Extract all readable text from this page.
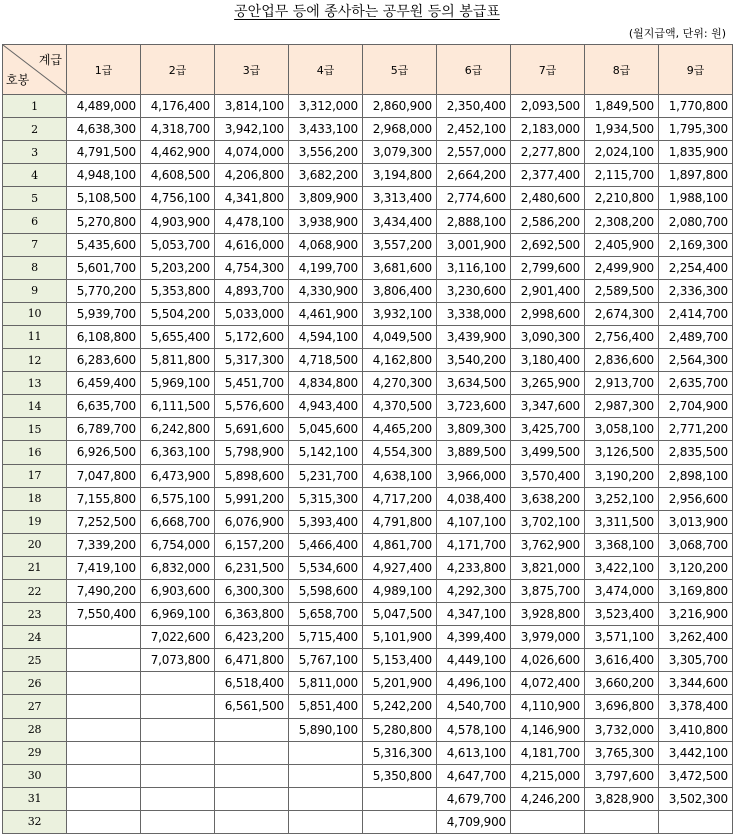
공안업무 등에 종사하는 공무원 등의 봉급표
(월지급액, 단위: 원)
계급
호봉	1급	2급	3급	4급	5급	6급	7급	8급	9급
1	4,489,000	4,176,400	3,814,100	3,312,000	2,860,900	2,350,400	2,093,500	1,849,500	1,770,800
2	4,638,300	4,318,700	3,942,100	3,433,100	2,968,000	2,452,100	2,183,000	1,934,500	1,795,300
3	4,791,500	4,462,900	4,074,000	3,556,200	3,079,300	2,557,000	2,277,800	2,024,100	1,835,900
4	4,948,100	4,608,500	4,206,800	3,682,200	3,194,800	2,664,200	2,377,400	2,115,700	1,897,800
5	5,108,500	4,756,100	4,341,800	3,809,900	3,313,400	2,774,600	2,480,600	2,210,800	1,988,100
6	5,270,800	4,903,900	4,478,100	3,938,900	3,434,400	2,888,100	2,586,200	2,308,200	2,080,700
7	5,435,600	5,053,700	4,616,000	4,068,900	3,557,200	3,001,900	2,692,500	2,405,900	2,169,300
8	5,601,700	5,203,200	4,754,300	4,199,700	3,681,600	3,116,100	2,799,600	2,499,900	2,254,400
9	5,770,200	5,353,800	4,893,700	4,330,900	3,806,400	3,230,600	2,901,400	2,589,500	2,336,300
10	5,939,700	5,504,200	5,033,000	4,461,900	3,932,100	3,338,000	2,998,600	2,674,300	2,414,700
11	6,108,800	5,655,400	5,172,600	4,594,100	4,049,500	3,439,900	3,090,300	2,756,400	2,489,700
12	6,283,600	5,811,800	5,317,300	4,718,500	4,162,800	3,540,200	3,180,400	2,836,600	2,564,300
13	6,459,400	5,969,100	5,451,700	4,834,800	4,270,300	3,634,500	3,265,900	2,913,700	2,635,700
14	6,635,700	6,111,500	5,576,600	4,943,400	4,370,500	3,723,600	3,347,600	2,987,300	2,704,900
15	6,789,700	6,242,800	5,691,600	5,045,600	4,465,200	3,809,300	3,425,700	3,058,100	2,771,200
16	6,926,500	6,363,100	5,798,900	5,142,100	4,554,300	3,889,500	3,499,500	3,126,500	2,835,500
17	7,047,800	6,473,900	5,898,600	5,231,700	4,638,100	3,966,000	3,570,400	3,190,200	2,898,100
18	7,155,800	6,575,100	5,991,200	5,315,300	4,717,200	4,038,400	3,638,200	3,252,100	2,956,600
19	7,252,500	6,668,700	6,076,900	5,393,400	4,791,800	4,107,100	3,702,100	3,311,500	3,013,900
20	7,339,200	6,754,000	6,157,200	5,466,400	4,861,700	4,171,700	3,762,900	3,368,100	3,068,700
21	7,419,100	6,832,000	6,231,500	5,534,600	4,927,400	4,233,800	3,821,000	3,422,100	3,120,200
22	7,490,200	6,903,600	6,300,300	5,598,600	4,989,100	4,292,300	3,875,700	3,474,000	3,169,800
23	7,550,400	6,969,100	6,363,800	5,658,700	5,047,500	4,347,100	3,928,800	3,523,400	3,216,900
24		7,022,600	6,423,200	5,715,400	5,101,900	4,399,400	3,979,000	3,571,100	3,262,400
25		7,073,800	6,471,800	5,767,100	5,153,400	4,449,100	4,026,600	3,616,400	3,305,700
26			6,518,400	5,811,000	5,201,900	4,496,100	4,072,400	3,660,200	3,344,600
27			6,561,500	5,851,400	5,242,200	4,540,700	4,110,900	3,696,800	3,378,400
28				5,890,100	5,280,800	4,578,100	4,146,900	3,732,000	3,410,800
29					5,316,300	4,613,100	4,181,700	3,765,300	3,442,100
30					5,350,800	4,647,700	4,215,000	3,797,600	3,472,500
31						4,679,700	4,246,200	3,828,900	3,502,300
32						4,709,900			
